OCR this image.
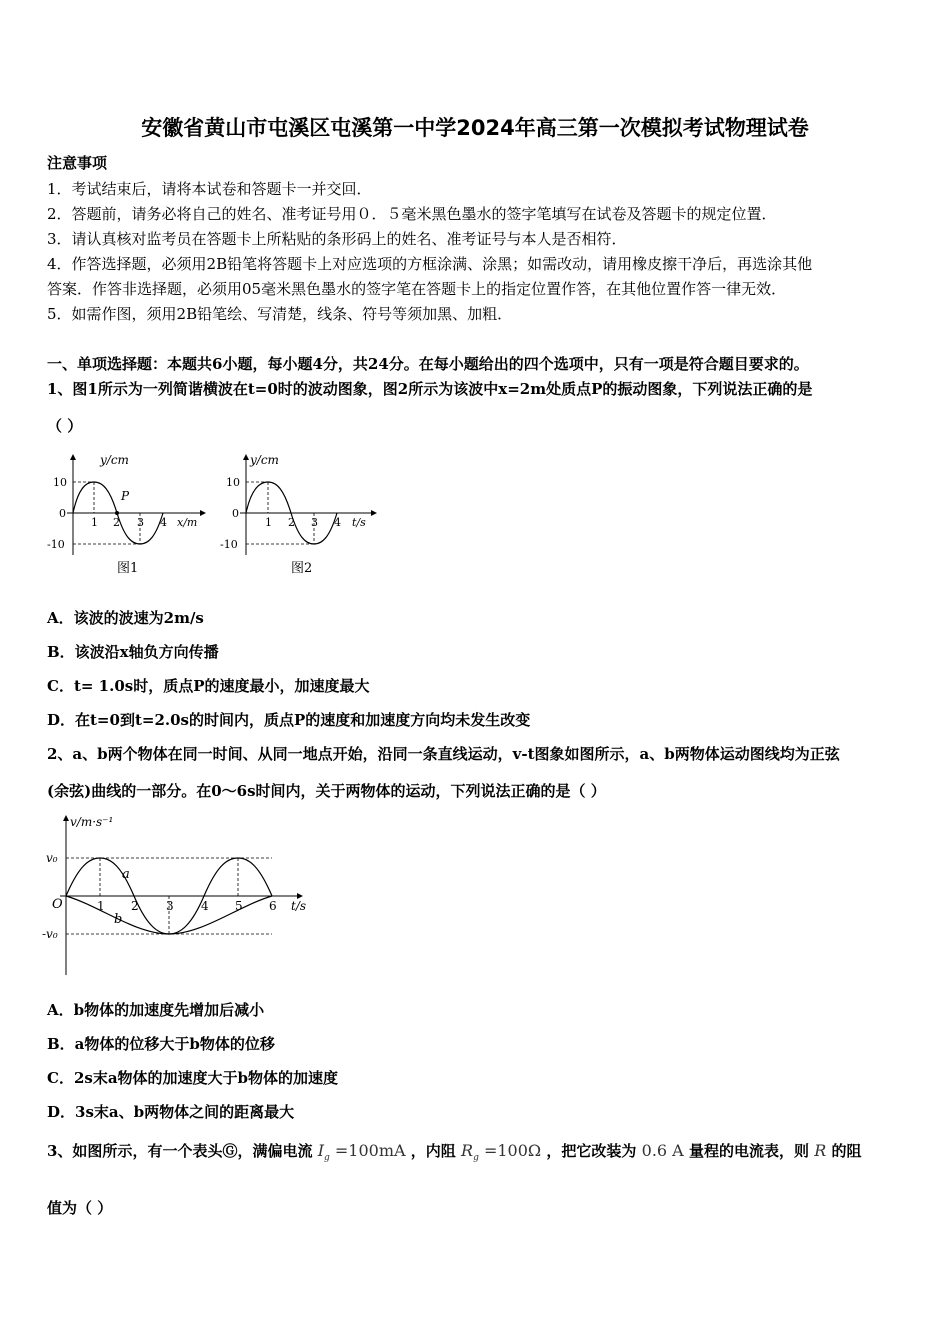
安徽省黄山市屯溪区屯溪第一中学2024年高三第一次模拟考试物理试卷
注意事项
1．考试结束后，请将本试卷和答题卡一并交回．
2．答题前，请务必将自己的姓名、准考证号用０．５毫米黑色墨水的签字笔填写在试卷及答题卡的规定位置．
3．请认真核对监考员在答题卡上所粘贴的条形码上的姓名、准考证号与本人是否相符．
4．作答选择题，必须用2B铅笔将答题卡上对应选项的方框涂满、涂黑；如需改动，请用橡皮擦干净后，再选涂其他
答案．作答非选择题，必须用05毫米黑色墨水的签字笔在答题卡上的指定位置作答，在其他位置作答一律无效．
5．如需作图，须用2B铅笔绘、写清楚，线条、符号等须加黑、加粗．
一、单项选择题：本题共6小题，每小题4分，共24分。在每小题给出的四个选项中，只有一项是符合题目要求的。
1、图1所示为一列简谐横波在t=0时的波动图象，图2所示为该波中x=2m处质点P的振动图象，下列说法正确的是
（ ）
y/cm
10
0
-10
1 2 3 4
P
x/m
图1
y/cm
10
0
-10
1 2 3 4 t/s
图2
A．该波的波速为2m/s
B．该波沿x轴负方向传播
C．t= 1.0s时，质点P的速度最小，加速度最大
D．在t=0到t=2.0s的时间内，质点P的速度和加速度方向均未发生改变
2、a、b两个物体在同一时间、从同一地点开始，沿同一条直线运动，v-t图象如图所示，a、b两物体运动图线均为正弦
(余弦)曲线的一部分。在0～6s时间内，关于两物体的运动，下列说法正确的是（ ）
v/m·s⁻¹
v₀
-v₀
O	1 2 3 4 5 6 t/s
a
b
A．b物体的加速度先增加后减小
B．a物体的位移大于b物体的位移
C．2s末a物体的加速度大于b物体的加速度
D．3s末a、b两物体之间的距离最大
3、如图所示，有一个表头Ⓖ，满偏电流 $I_g =100mA$ ，内阻 $R_g =100\Omega$ ，把它改装为 0.6 A 量程的电流表，则 R 的阻
值为（ ）
